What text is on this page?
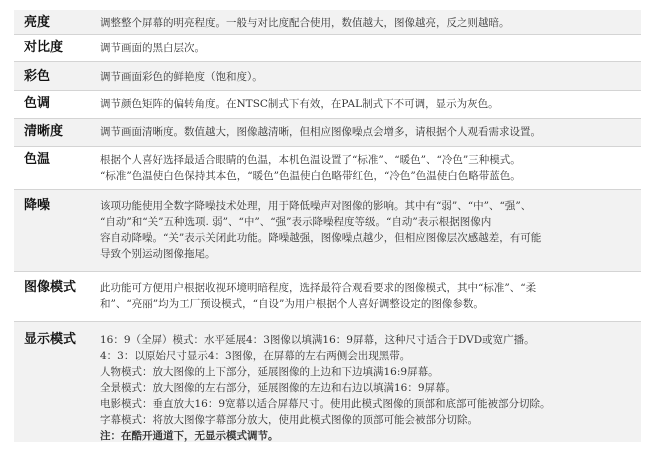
亮度	调整整个屏幕的明亮程度。一般与对比度配合使用，数值越大，图像越亮，反之则越暗。
对比度	调节画面的黑白层次。
彩色	调节画面彩色的鲜艳度（饱和度）。
色调	调节颜色矩阵的偏转角度。在NTSC制式下有效，在PAL制式下不可调，显示为灰色。
清晰度	调节画面清晰度。数值越大，图像越清晰，但相应图像噪点会增多，请根据个人观看需求设置。
色温	根据个人喜好选择最适合眼睛的色温，本机色温设置了“标准”、“暖色”、“冷色”三种模式。
“标准”色温使白色保持其本色，“暖色”色温使白色略带红色，“冷色”色温使白色略带蓝色。
降噪	该项功能使用全数字降噪技术处理，用于降低噪声对图像的影响。其中有“弱”、“中”、“强”、
“自动”和“关”五种选项. 弱”、“中”、“强”表示降噪程度等级。“自动”表示根据图像内
容自动降噪。“关”表示关闭此功能。降噪越强，图像噪点越少，但相应图像层次感越差，有可能
导致个别运动图像拖尾。
图像模式	此功能可方便用户根据收视环境明暗程度，选择最符合观看要求的图像模式，其中“标准”、“柔
和”、“亮丽”均为工厂预设模式，“自设”为用户根据个人喜好调整设定的图像参数。
显示模式	16：9（全屏）模式：水平延展4：3图像以填满16：9屏幕，这种尺寸适合于DVD或宽广播。
4：3：以原始尺寸显示4：3图像，在屏幕的左右两侧会出现黑带。
人物模式：放大图像的上下部分，延展图像的上边和下边填满16:9屏幕。
全景模式：放大图像的左右部分，延展图像的左边和右边以填满16：9屏幕。
电影模式：垂直放大16：9宽幕以适合屏幕尺寸。使用此模式图像的顶部和底部可能被部分切除。
字幕模式：将放大图像字幕部分放大，使用此模式图像的顶部可能会被部分切除。
注：在酷开通道下，无显示模式调节。
